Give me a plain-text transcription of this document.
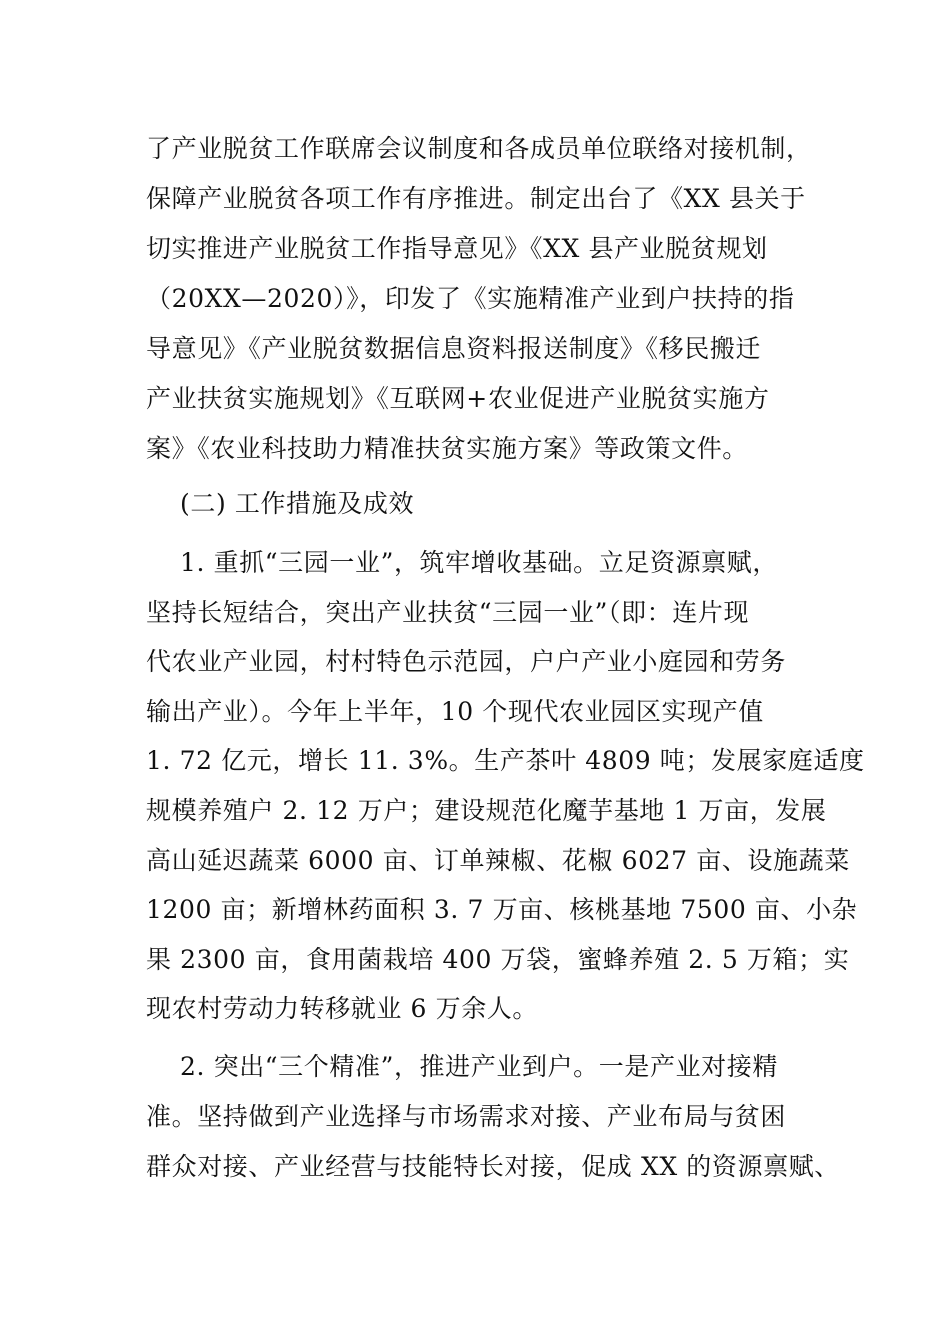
了产业脱贫工作联席会议制度和各成员单位联络对接机制，
保障产业脱贫各项工作有序推进。制定出台了《XX 县关于
切实推进产业脱贫工作指导意见》《XX 县产业脱贫规划
（20XX—2020）》，印发了《实施精准产业到户扶持的指
导意见》《产业脱贫数据信息资料报送制度》《移民搬迁
产业扶贫实施规划》《互联网+农业促进产业脱贫实施方
案》《农业科技助力精准扶贫实施方案》等政策文件。
(二) 工作措施及成效
1. 重抓“三园一业”，筑牢增收基础。立足资源禀赋，
坚持长短结合，突出产业扶贫“三园一业”（即：连片现
代农业产业园，村村特色示范园，户户产业小庭园和劳务
输出产业）。今年上半年，10 个现代农业园区实现产值
1. 72 亿元，增长 11. 3%。生产茶叶 4809 吨；发展家庭适度
规模养殖户 2. 12 万户；建设规范化魔芋基地 1 万亩，发展
高山延迟蔬菜 6000 亩、订单辣椒、花椒 6027 亩、设施蔬菜
1200 亩；新增林药面积 3. 7 万亩、核桃基地 7500 亩、小杂
果 2300 亩，食用菌栽培 400 万袋，蜜蜂养殖 2. 5 万箱；实
现农村劳动力转移就业 6 万余人。
2. 突出“三个精准”，推进产业到户。一是产业对接精
准。坚持做到产业选择与市场需求对接、产业布局与贫困
群众对接、产业经营与技能特长对接，促成 XX 的资源禀赋、
